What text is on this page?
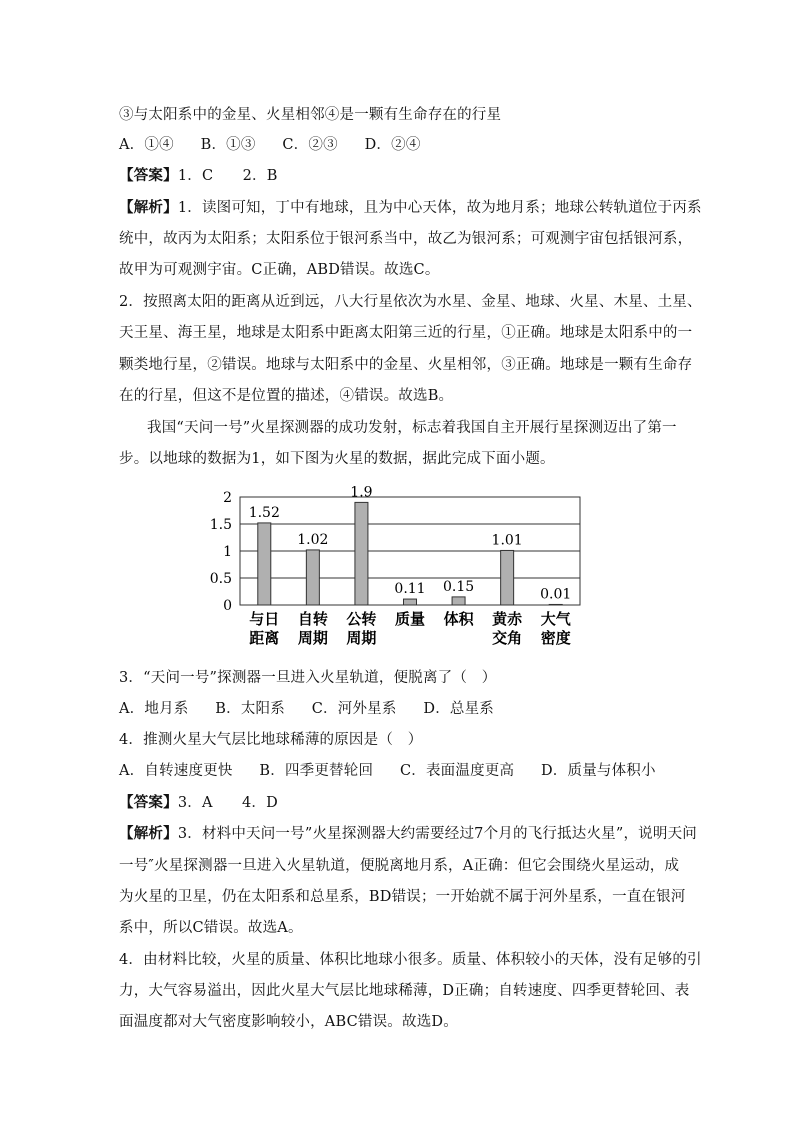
③与太阳系中的金星、火星相邻④是一颗有生命存在的行星
A．①④ B．①③ C．②③ D．②④
【答案】1．C　　2．B
【解析】1．读图可知，丁中有地球，且为中心天体，故为地月系；地球公转轨道位于丙系
统中，故丙为太阳系；太阳系位于银河系当中，故乙为银河系；可观测宇宙包括银河系，
故甲为可观测宇宙。C正确，ABD错误。故选C。
2．按照离太阳的距离从近到远，八大行星依次为水星、金星、地球、火星、木星、土星、
天王星、海王星，地球是太阳系中距离太阳第三近的行星，①正确。地球是太阳系中的一
颗类地行星，②错误。地球与太阳系中的金星、火星相邻，③正确。地球是一颗有生命存
在的行星，但这不是位置的描述，④错误。故选B。
我国“天问一号”火星探测器的成功发射，标志着我国自主开展行星探测迈出了第一
步。以地球的数据为1，如下图为火星的数据，据此完成下面小题。
1.52
1.02
1.9
0.11 0.15
1.01
0.01
0
0.5
1
1.5
2
与日
距离
自转
周期
公转
周期
质量 体积 黄赤
交角
大气
密度
3．“天问一号”探测器一旦进入火星轨道，便脱离了（　）
A．地月系 B．太阳系 C．河外星系 D．总星系
4．推测火星大气层比地球稀薄的原因是（　）
A．自转速度更快 B．四季更替轮回 C．表面温度更高 D．质量与体积小
【答案】3．A　　4．D
【解析】3．材料中天问一号”火星探测器大约需要经过7个月的飞行抵达火星”，说明天问
一号″火星探测器一旦进入火星轨道，便脱离地月系，A正确：但它会围绕火星运动，成
为火星的卫星，仍在太阳系和总星系，BD错误；一开始就不属于河外星系，一直在银河
系中，所以C错误。故选A。
4．由材料比较，火星的质量、体积比地球小很多。质量、体积较小的天体，没有足够的引
力，大气容易溢出，因此火星大气层比地球稀薄，D正确；自转速度、四季更替轮回、表
面温度都对大气密度影响较小，ABC错误。故选D。
